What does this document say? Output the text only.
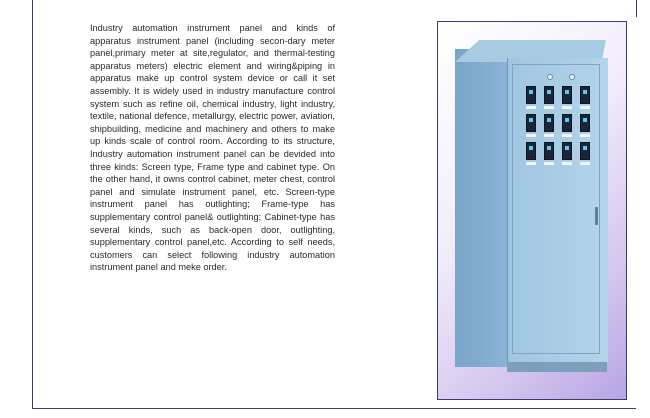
Industry automation instrument panel and kinds of apparatus instrument panel (including secon-dary meter panel,primary meter at site,regulator, and thermal-testing apparatus meters) electric element and wiring&piping in apparatus make up control system device or call it set assembly. It is widely used in industry manufacture control system such as refine oil, chemical industry, light industry, textile, national defence, metallurgy, electric power, aviation, shipbuilding, medicine and machinery and others to make up kinds scale of control room. According to its structure, Industry automation instrument panel can be devided into three kinds: Screen type, Frame type and cabinet type. On the other hand, it owns control cabinet, meter chest, control panel and simulate instrument panel, etc. Screen-type instrument panel has outlighting; Frame-type has supplementary control panel& outlighting; Cabinet-type has several kinds, such as back-open door, outlighting, supplementary control panel,etc. According to self needs, customers can select following industry automation instrument panel and meke order.
